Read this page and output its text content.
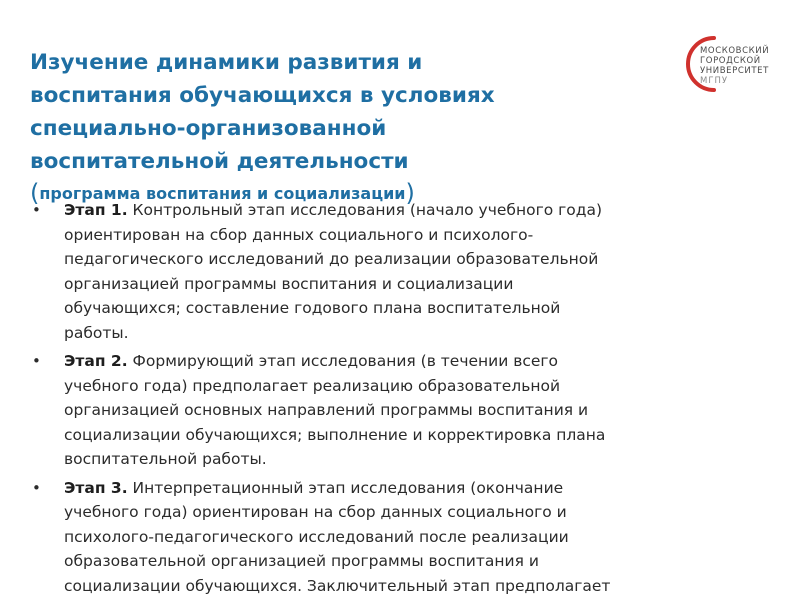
Изучение динамики развития и
воспитания обучающихся в условиях
специально-организованной
воспитательной деятельности
(программа воспитания и социализации)
МОСКОВСКИЙ
ГОРОДСКОЙ
УНИВЕРСИТЕТ
МГПУ
• Этап 1. Контрольный этап исследования (начало учебного года)
ориентирован на сбор данных социального и психолого-
педагогического исследований до реализации образовательной
организацией программы воспитания и социализации
обучающихся; составление годового плана воспитательной
работы.
• Этап 2. Формирующий этап исследования (в течении всего
учебного года) предполагает реализацию образовательной
организацией основных направлений программы воспитания и
социализации обучающихся; выполнение и корректировка плана
воспитательной работы.
• Этап 3. Интерпретационный этап исследования (окончание
учебного года) ориентирован на сбор данных социального и
психолого-педагогического исследований после реализации
образовательной организацией программы воспитания и
социализации обучающихся. Заключительный этап предполагает
